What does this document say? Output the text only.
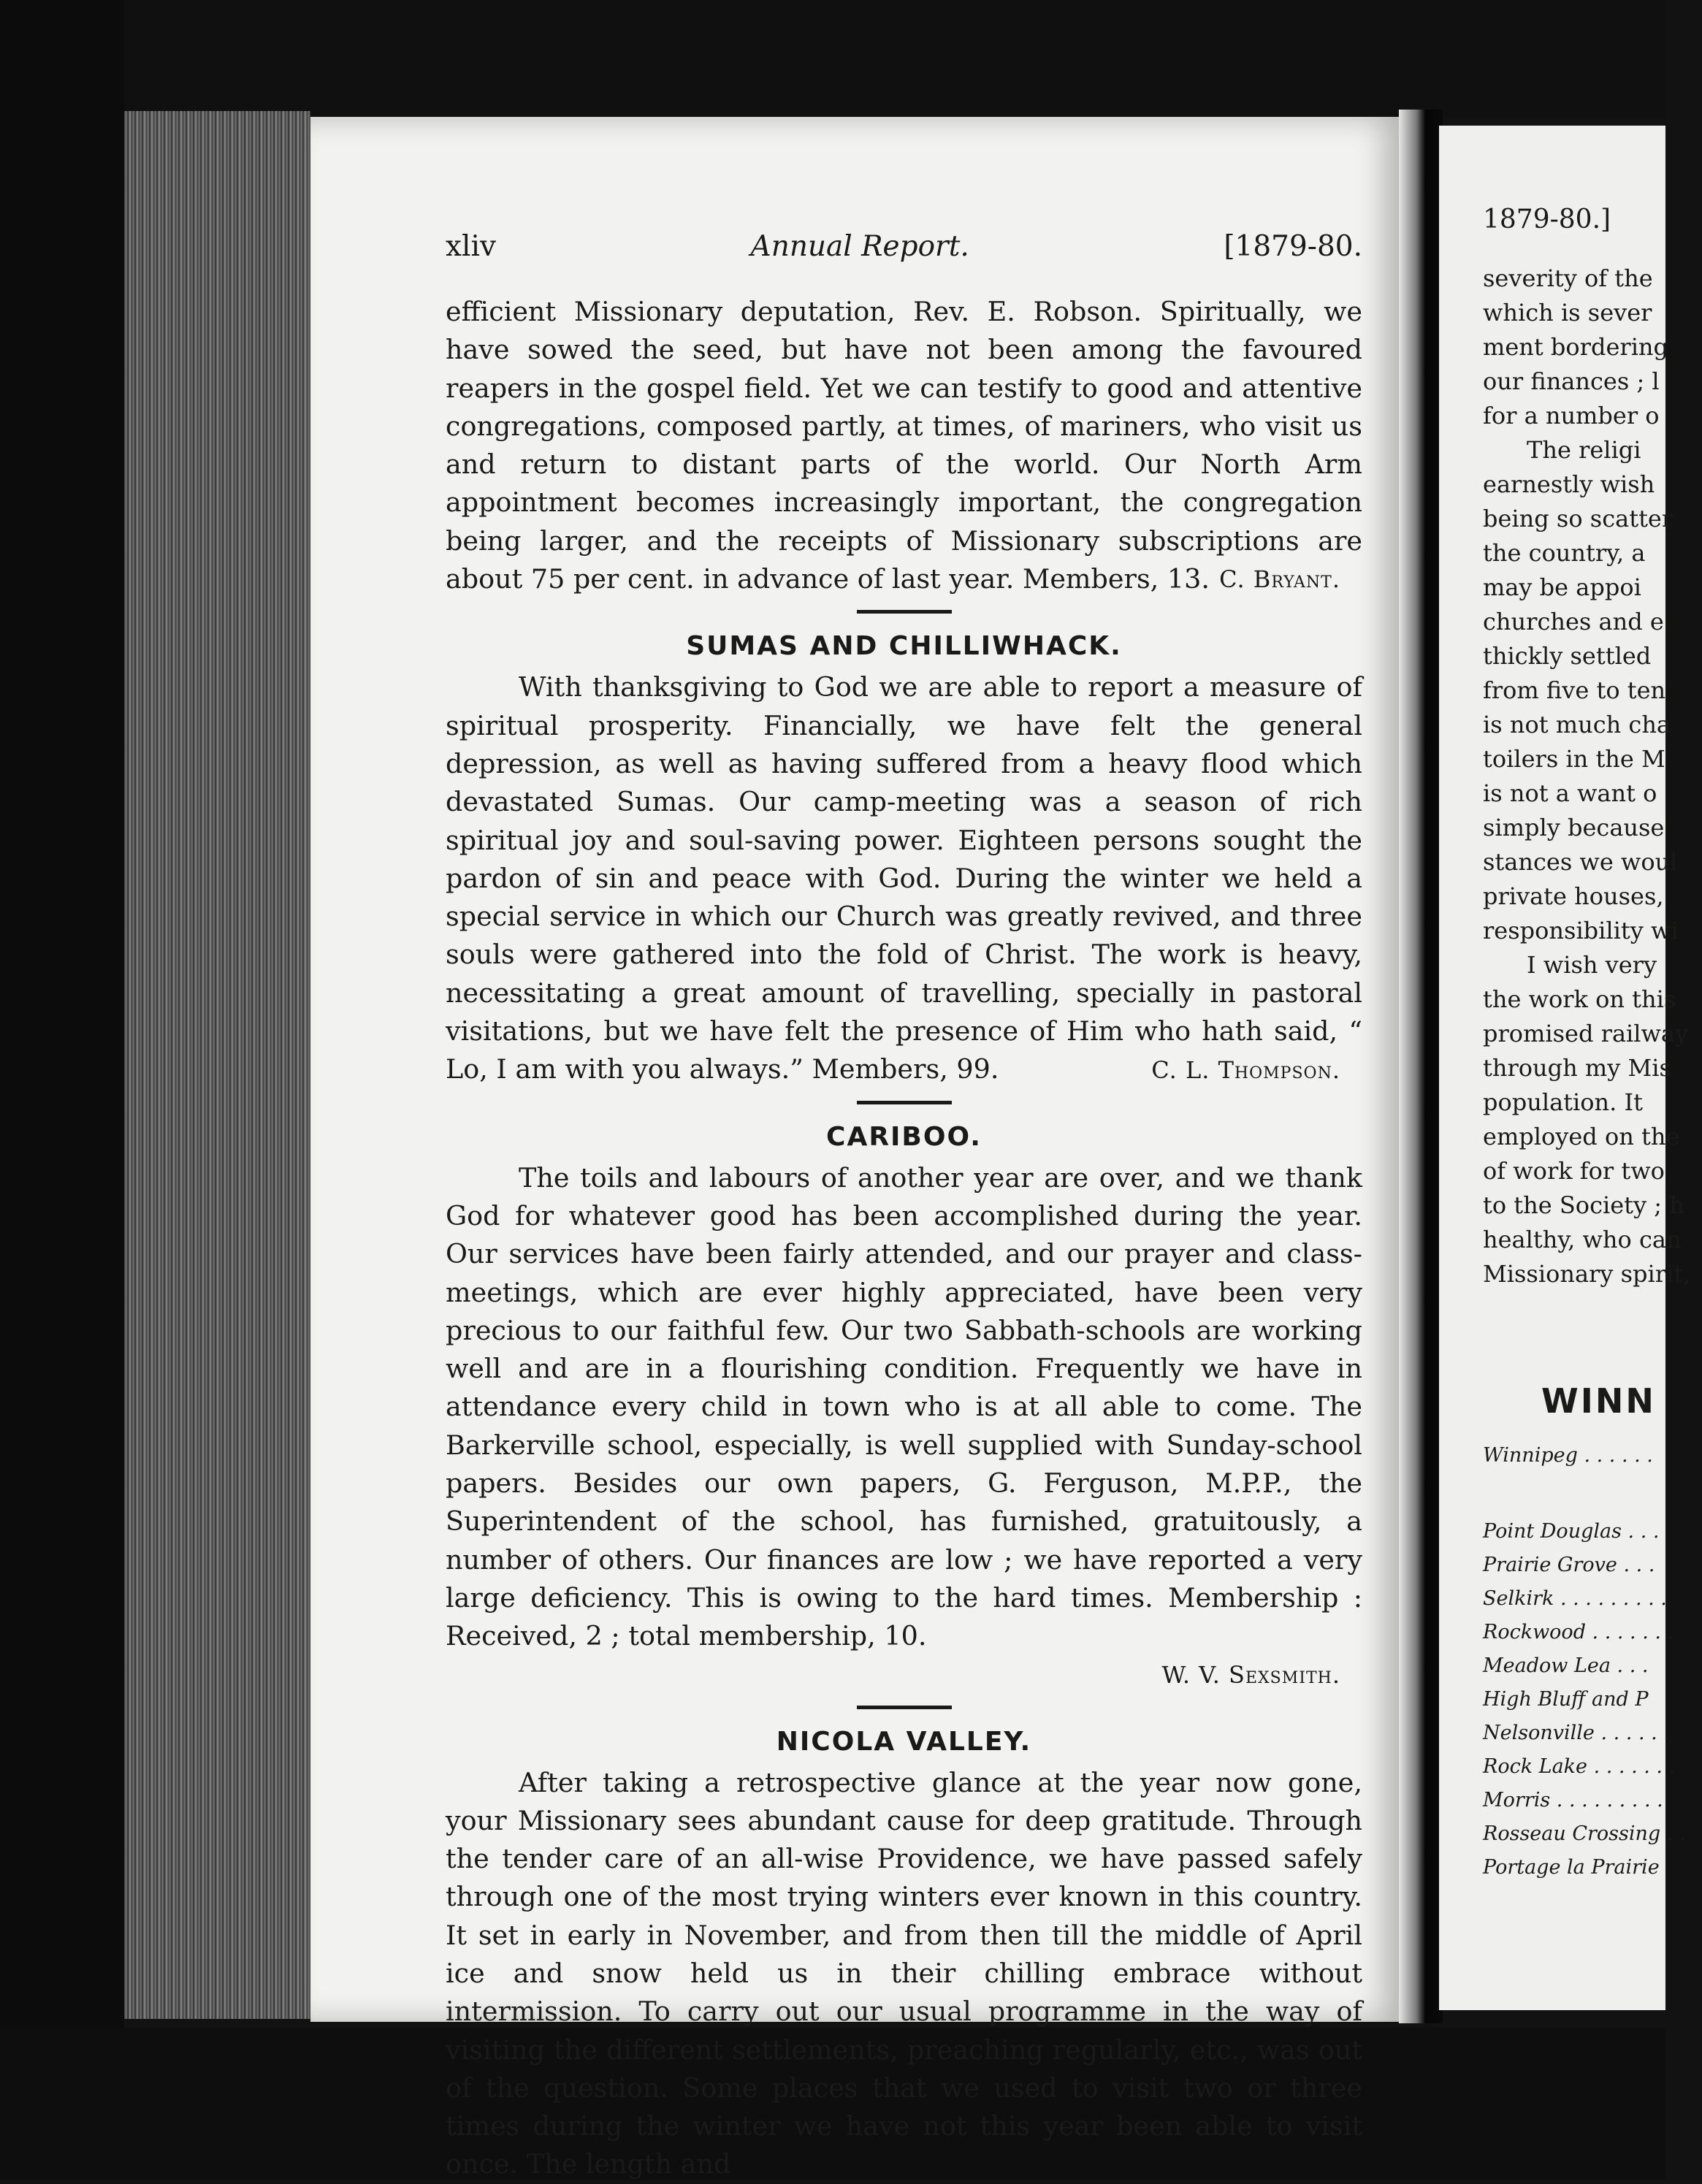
xliv	Annual Report.	[1879-80.

efficient Missionary deputation, Rev. E. Robson. Spiritually, we have sowed the seed, but have not been among the favoured reapers in the gospel field. Yet we can testify to good and attentive congregations, composed partly, at times, of mariners, who visit us and return to distant parts of the world. Our North Arm appointment becomes increasingly important, the congregation being larger, and the receipts of Missionary subscriptions are about 75 per cent. in advance of last year. Members, 13. C. Bryant.
SUMAS AND CHILLIWHACK.

With thanksgiving to God we are able to report a measure of spiritual prosperity. Financially, we have felt the general depression, as well as having suffered from a heavy flood which devastated Sumas. Our camp-meeting was a season of rich spiritual joy and soul-saving power. Eighteen persons sought the pardon of sin and peace with God. During the winter we held a special service in which our Church was greatly revived, and three souls were gathered into the fold of Christ. The work is heavy, necessitating a great amount of travelling, specially in pastoral visitations, but we have felt the presence of Him who hath said, “ Lo, I am with you always.” Members, 99.	C. L. Thompson.
CARIBOO.

The toils and labours of another year are over, and we thank God for whatever good has been accomplished during the year. Our services have been fairly attended, and our prayer and class-meetings, which are ever highly appreciated, have been very precious to our faithful few. Our two Sabbath-schools are working well and are in a flourishing condition. Frequently we have in attendance every child in town who is at all able to come. The Barkerville school, especially, is well supplied with Sunday-school papers. Besides our own papers, G. Ferguson, M.P.P., the Superintendent of the school, has furnished, gratuitously, a number of others. Our finances are low ; we have reported a very large deficiency. This is owing to the hard times. Membership : Received, 2 ; total membership, 10.

W. V. Sexsmith.
NICOLA VALLEY.

After taking a retrospective glance at the year now gone, your Missionary sees abundant cause for deep gratitude. Through the tender care of an all-wise Providence, we have passed safely through one of the most trying winters ever known in this country. It set in early in November, and from then till the middle of April ice and snow held us in their chilling embrace without intermission. To carry out our usual programme in the way of visiting the different settlements, preaching regularly, etc., was out of the question. Some places that we used to visit two or three times during the winter we have not this year been able to visit once. The length and

1879-80.]
severity of the
which is sever
ment bordering
our finances ; l
for a number o
The religi
earnestly wish
being so scatter
the country, a
may be appoi
churches and e
thickly settled
from five to ten
is not much cha
toilers in the M
is not a want o
simply because
stances we woul
private houses,
responsibility wi
I wish very
the work on this
promised railway
through my Mis
population. It
employed on the
of work for two
to the Society ; h
healthy, who can
Missionary spirit,
WINN
Winnipeg . . . . . .
Point Douglas . . .
Prairie Grove . . .
Selkirk . . . . . . . . .
Rockwood . . . . . . .
Meadow Lea . . .
High Bluff and P
Nelsonville . . . . . .
Rock Lake . . . . . . .
Morris . . . . . . . . .
Rosseau Crossing . .
Portage la Prairie
